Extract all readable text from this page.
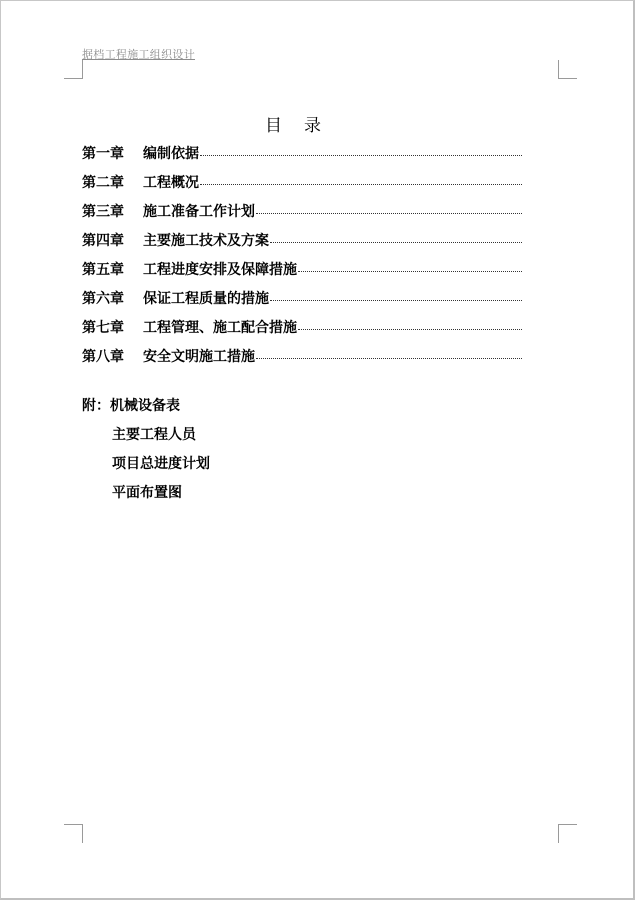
据档工程施工组织设计
目录
第一章	编制依据
第二章	工程概况
第三章	施工准备工作计划
第四章	主要施工技术及方案
第五章	工程进度安排及保障措施
第六章	保证工程质量的措施
第七章	工程管理、施工配合措施
第八章	安全文明施工措施
附：机械设备表
主要工程人员
项目总进度计划
平面布置图
